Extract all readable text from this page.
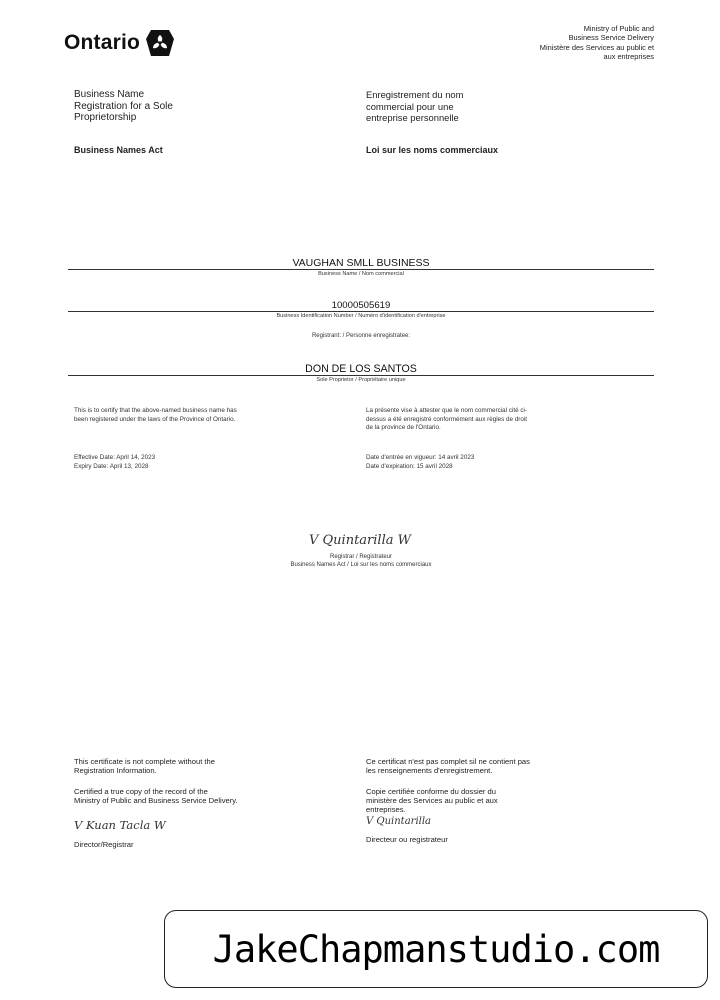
Ontario
Ministry of Public and
Business Service Delivery
Ministère des Services au public et
aux entreprises
Business Name
Registration for a Sole
Proprietorship
Enregistrement du nom
commercial pour une
entreprise personnelle
Business Names Act	Loi sur les noms commerciaux
VAUGHAN SMLL BUSINESS
Business Name / Nom commercial
10000505619
Business Identification Number / Numéro d'identification d'entreprise
Registrant: / Personne enregistratee:
DON DE LOS SANTOS
Sole Proprietor / Propriétaire unique
This is to certify that the above-named business name has
been registered under the laws of the Province of Ontario.
La présente vise à attester que le nom commercial cité ci-
dessus a été enregistré conformément aux règles de droit
de la province de l'Ontario.
Effective Date: April 14, 2023
Expiry Date: April 13, 2028
Date d'entrée en vigueur: 14 avril 2023
Date d'expiration: 15 avril 2028
V Quintarilla W
Registrar / Registrateur
Business Names Act / Loi sur les noms commerciaux
This certificate is not complete without the
Registration Information.
Certified a true copy of the record of the
Ministry of Public and Business Service Delivery.
V Kuan Tacla W
Director/Registrar
Ce certificat n'est pas complet sil ne contient pas
les renseignements d'enregistrement.
Copie certifiée conforme du dossier du
ministère des Services au public et aux
entreprises.
V Quintarilla
Directeur ou registrateur
JakeChapmanstudio.com
